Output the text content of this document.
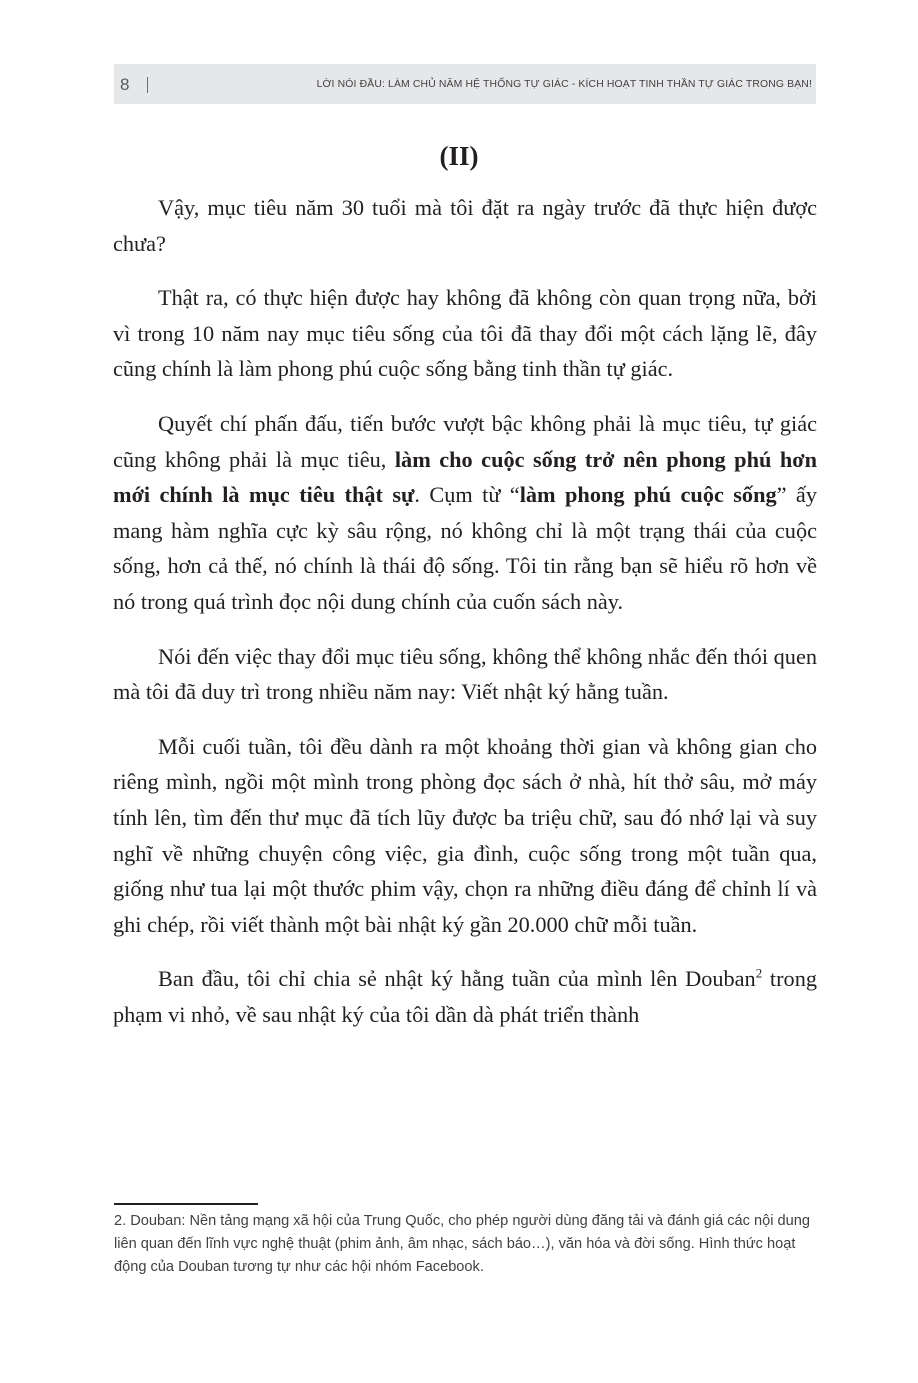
8	LỜI NÓI ĐẦU: LÀM CHỦ NĂM HỆ THỐNG TỰ GIÁC - KÍCH HOẠT TINH THẦN TỰ GIÁC TRONG BẠN!
(II)

Vậy, mục tiêu năm 30 tuổi mà tôi đặt ra ngày trước đã thực hiện được chưa?

Thật ra, có thực hiện được hay không đã không còn quan trọng nữa, bởi vì trong 10 năm nay mục tiêu sống của tôi đã thay đổi một cách lặng lẽ, đây cũng chính là làm phong phú cuộc sống bằng tinh thần tự giác.

Quyết chí phấn đấu, tiến bước vượt bậc không phải là mục tiêu, tự giác cũng không phải là mục tiêu, làm cho cuộc sống trở nên phong phú hơn mới chính là mục tiêu thật sự. Cụm từ “làm phong phú cuộc sống” ấy mang hàm nghĩa cực kỳ sâu rộng, nó không chỉ là một trạng thái của cuộc sống, hơn cả thế, nó chính là thái độ sống. Tôi tin rằng bạn sẽ hiểu rõ hơn về nó trong quá trình đọc nội dung chính của cuốn sách này.

Nói đến việc thay đổi mục tiêu sống, không thể không nhắc đến thói quen mà tôi đã duy trì trong nhiều năm nay: Viết nhật ký hằng tuần.

Mỗi cuối tuần, tôi đều dành ra một khoảng thời gian và không gian cho riêng mình, ngồi một mình trong phòng đọc sách ở nhà, hít thở sâu, mở máy tính lên, tìm đến thư mục đã tích lũy được ba triệu chữ, sau đó nhớ lại và suy nghĩ về những chuyện công việc, gia đình, cuộc sống trong một tuần qua, giống như tua lại một thước phim vậy, chọn ra những điều đáng để chỉnh lí và ghi chép, rồi viết thành một bài nhật ký gần 20.000 chữ mỗi tuần.

Ban đầu, tôi chỉ chia sẻ nhật ký hằng tuần của mình lên Douban$^2$ trong phạm vi nhỏ, về sau nhật ký của tôi dần dà phát triển thành

2. Douban: Nền tảng mạng xã hội của Trung Quốc, cho phép người dùng đăng tải và đánh giá các nội dung liên quan đến lĩnh vực nghệ thuật (phim ảnh, âm nhạc, sách báo…), văn hóa và đời sống. Hình thức hoạt động của Douban tương tự như các hội nhóm Facebook.
